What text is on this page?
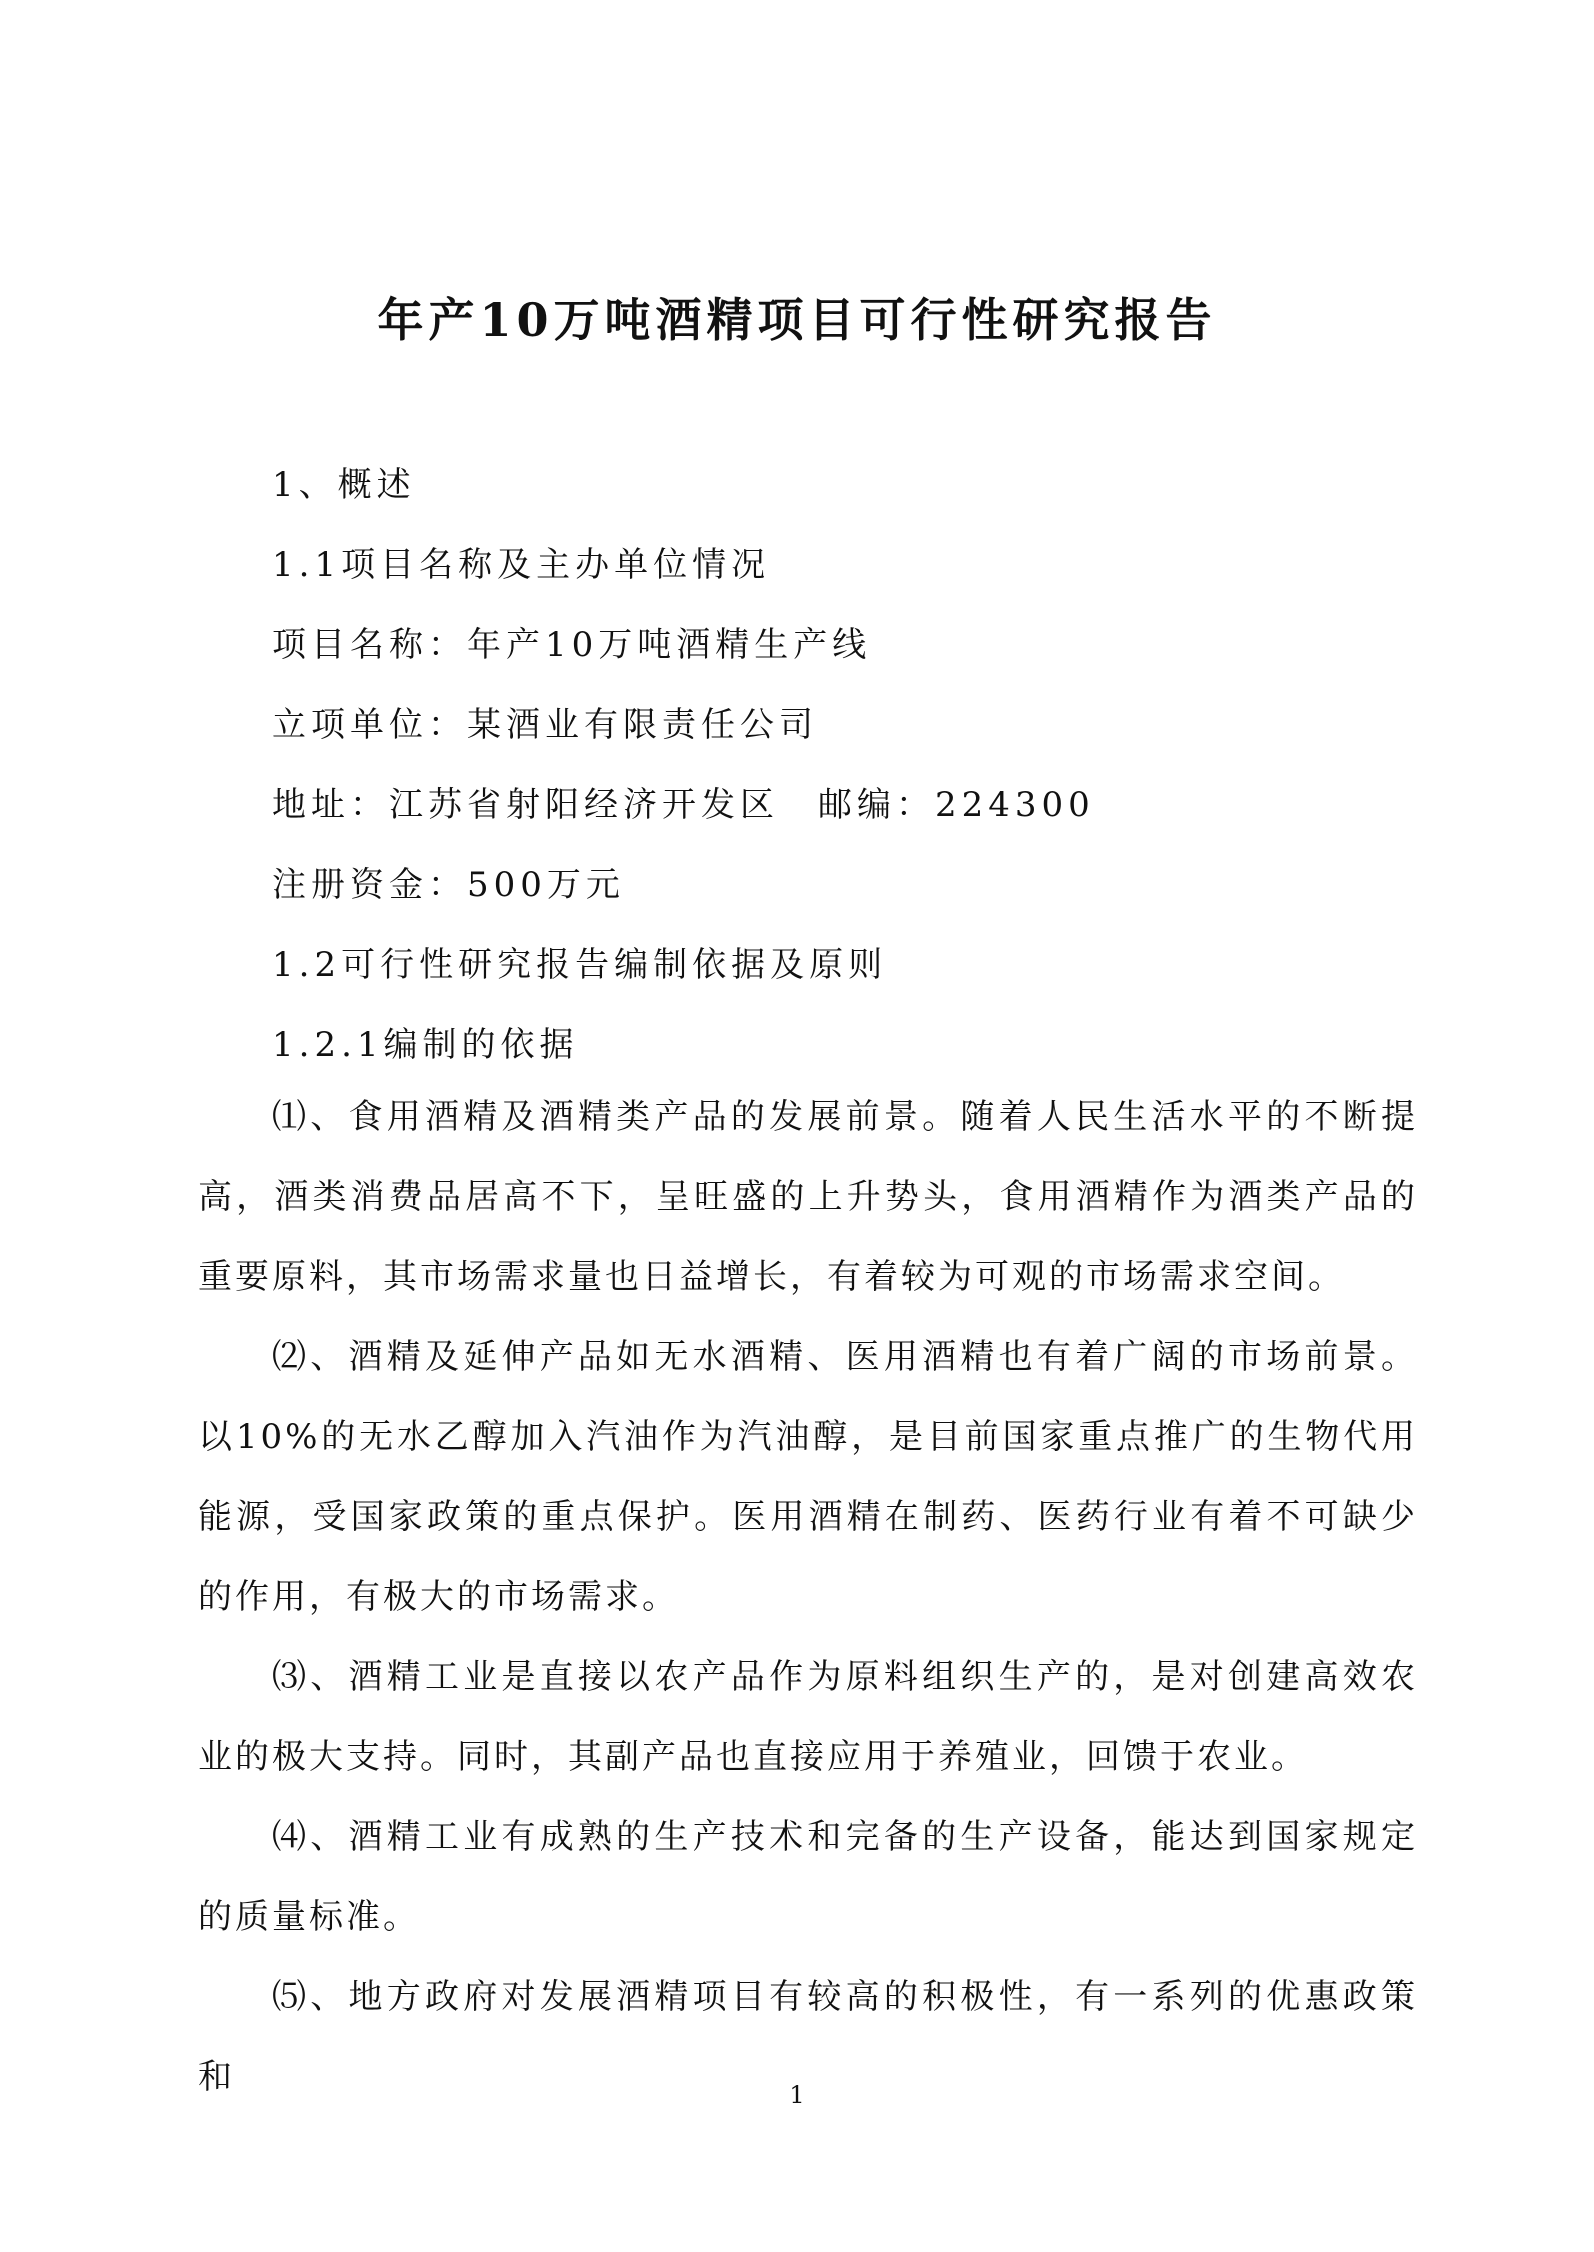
年产10万吨酒精项目可行性研究报告
1、概述
1.1项目名称及主办单位情况
项目名称：年产10万吨酒精生产线
立项单位：某酒业有限责任公司
地址：江苏省射阳经济开发区　邮编：224300
注册资金：500万元
1.2可行性研究报告编制依据及原则
1.2.1编制的依据

⑴、食用酒精及酒精类产品的发展前景。随着人民生活水平的不断提高，酒类消费品居高不下，呈旺盛的上升势头，食用酒精作为酒类产品的重要原料，其市场需求量也日益增长，有着较为可观的市场需求空间。

⑵、酒精及延伸产品如无水酒精、医用酒精也有着广阔的市场前景。以10%的无水乙醇加入汽油作为汽油醇，是目前国家重点推广的生物代用能源，受国家政策的重点保护。医用酒精在制药、医药行业有着不可缺少的作用，有极大的市场需求。

⑶、酒精工业是直接以农产品作为原料组织生产的，是对创建高效农业的极大支持。同时，其副产品也直接应用于养殖业，回馈于农业。

⑷、酒精工业有成熟的生产技术和完备的生产设备，能达到国家规定的质量标准。

⑸、地方政府对发展酒精项目有较高的积极性，有一系列的优惠政策和	1
